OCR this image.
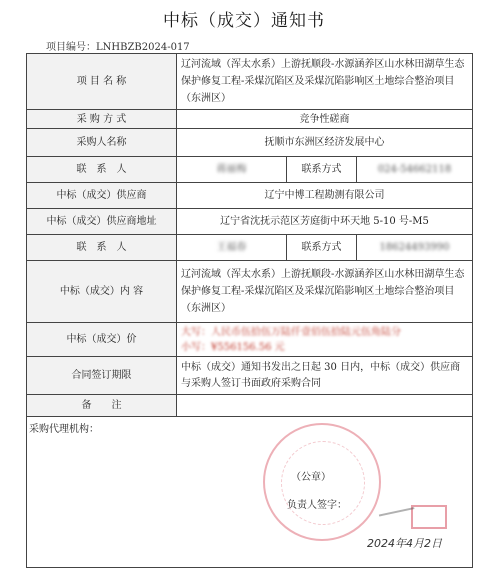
中标（成交）通知书
项目编号：LNHBZB2024-017
项 目 名 称	辽河流域（浑太水系）上游抚顺段-水源涵养区山水林田湖草生态保护修复工程-采煤沉陷区及采煤沉陷影响区土地综合整治项目（东洲区）		
采 购 方 式	竞争性磋商		
采购人名称	抚顺市东洲区经济发展中心		
联　系　人	蒋丽梅	联系方式	024-54662118
中标（成交）供应商	辽宁中博工程勘测有限公司		
中标（成交）供应商地址	辽宁省沈抚示范区芳庭街中环天地 5-10 号-M5		
联　系　人	王福春	联系方式	18624493990
中标（成交）内 容	辽河流域（浑太水系）上游抚顺段-水源涵养区山水林田湖草生态保护修复工程-采煤沉陷区及采煤沉陷影响区土地综合整治项目（东洲区）		
中标（成交）价	大写：人民币伍拾伍万陆仟壹佰伍拾陆元伍角陆分
小写：¥556156.56 元		

合同签订期限	中标（成交）通知书发出之日起 30 日内，中标（成交）供应商与采购人签订书面政府采购合同		
备　　注			

采购代理机构：
（公章）
负责人签字：
2024年4月2日			
